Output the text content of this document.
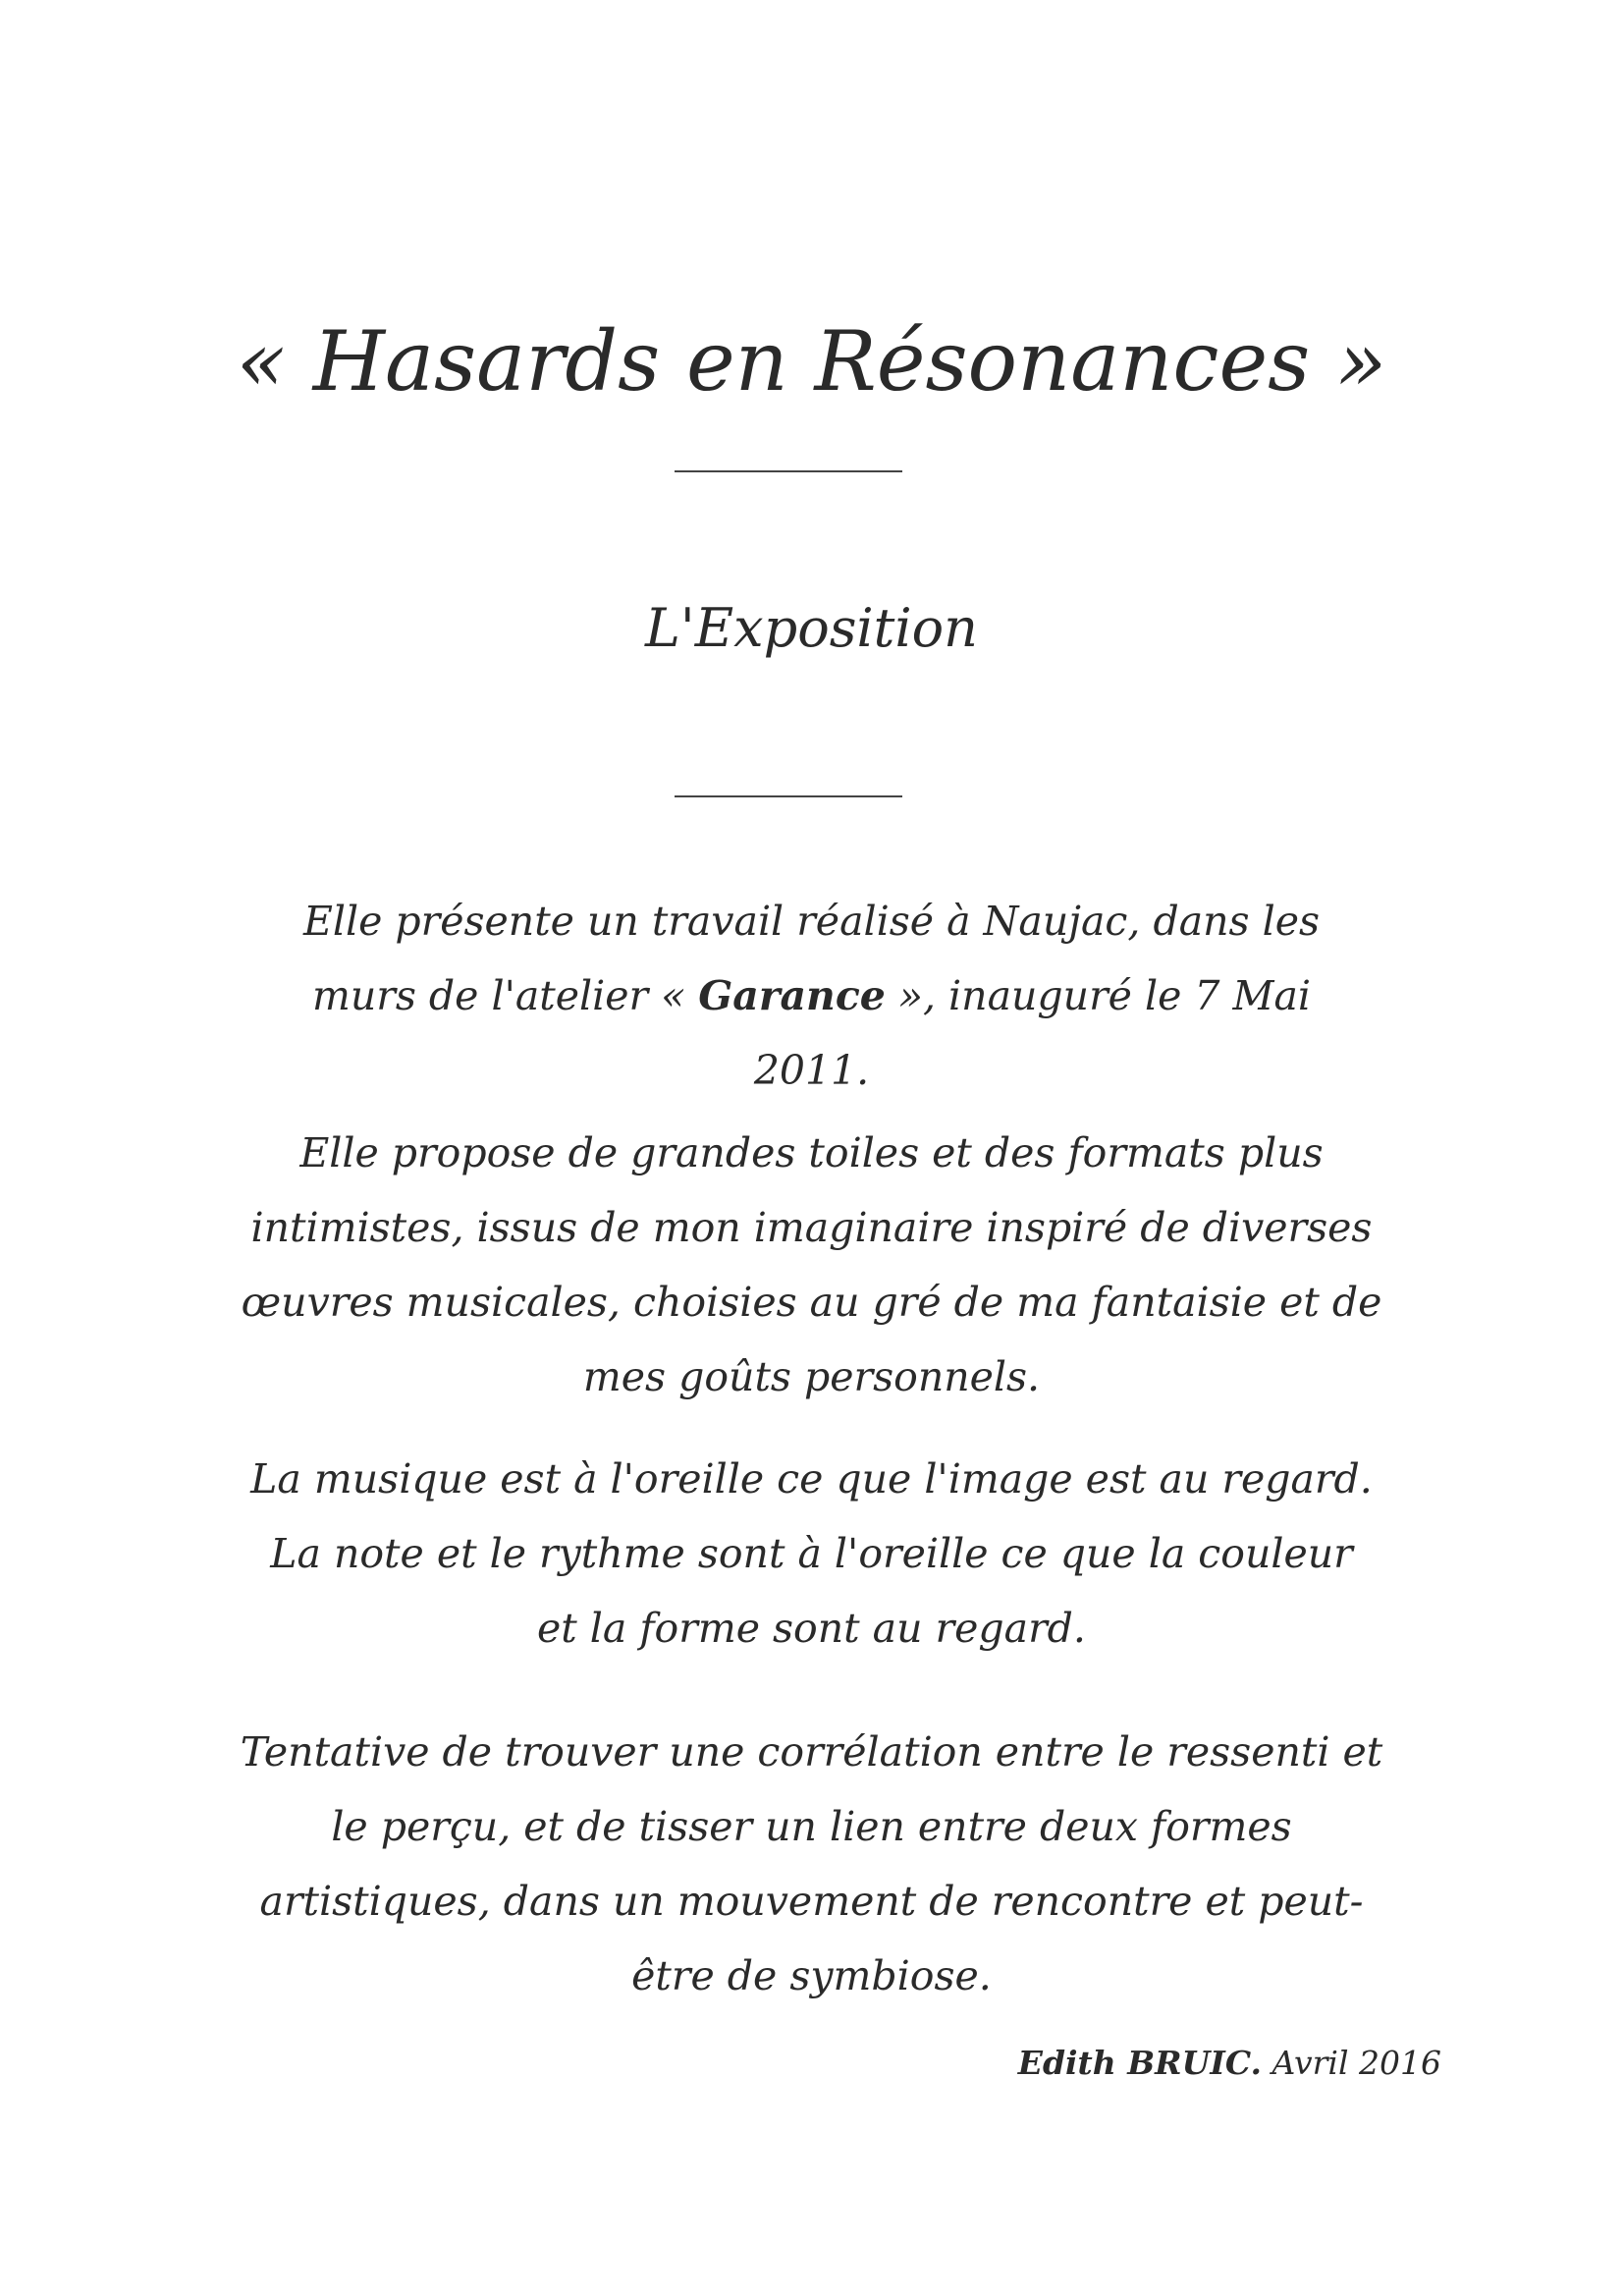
« Hasards en Résonances »
L'Exposition
Elle présente un travail réalisé à Naujac, dans les
murs de l'atelier « Garance », inauguré le 7 Mai
2011.
Elle propose de grandes toiles et des formats plus
intimistes, issus de mon imaginaire inspiré de diverses
œuvres musicales, choisies au gré de ma fantaisie et de
mes goûts personnels.
La musique est à l'oreille ce que l'image est au regard.
La note et le rythme sont à l'oreille ce que la couleur
et la forme sont au regard.
Tentative de trouver une corrélation entre le ressenti et
le perçu, et de tisser un lien entre deux formes
artistiques, dans un mouvement de rencontre et peut-
être de symbiose.
Edith BRUIC. Avril 2016
